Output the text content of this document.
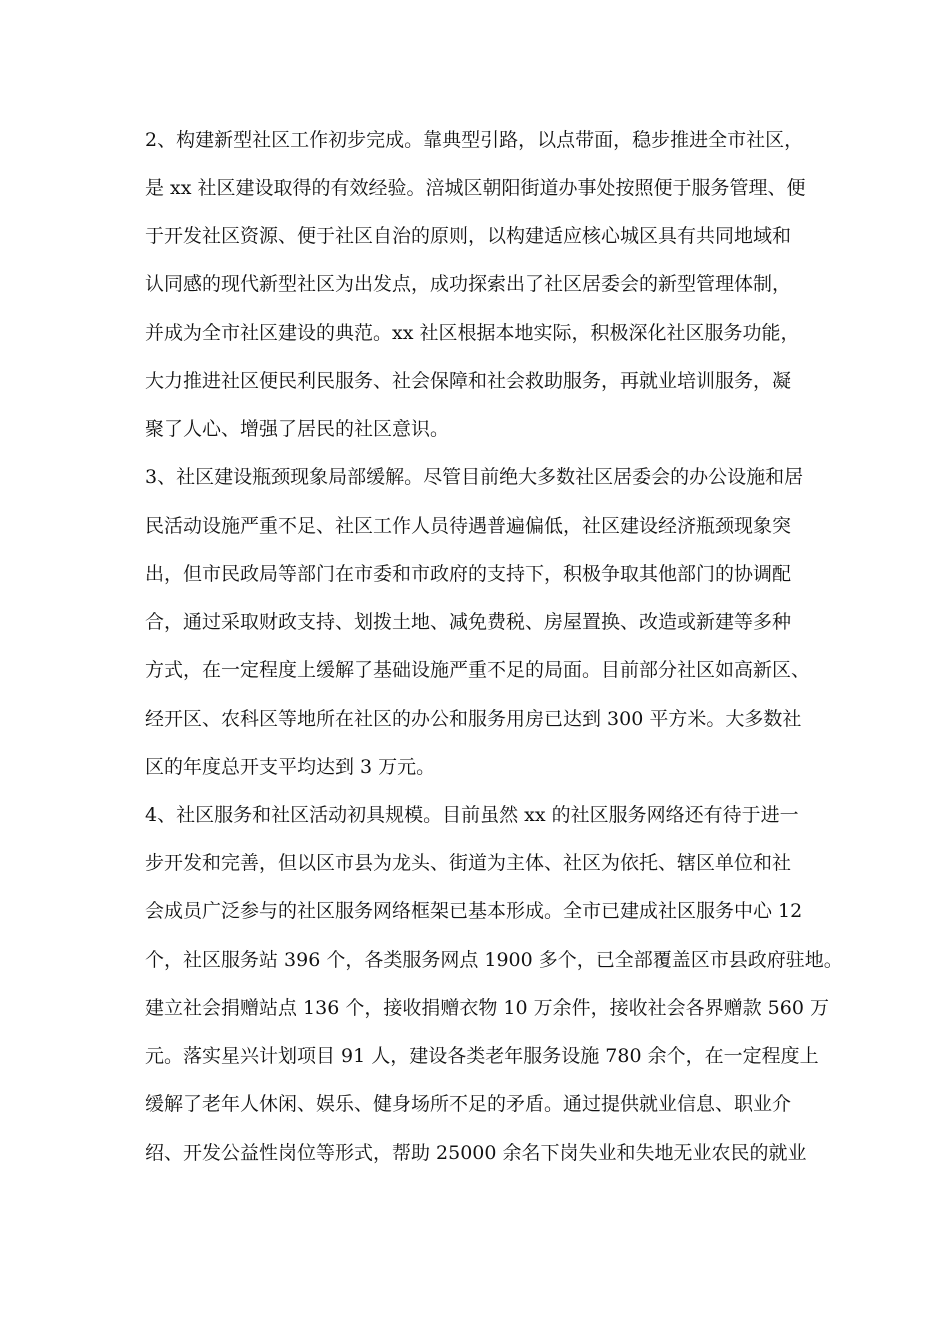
2、构建新型社区工作初步完成。靠典型引路，以点带面，稳步推进全市社区，
是 xx 社区建设取得的有效经验。涪城区朝阳街道办事处按照便于服务管理、便
于开发社区资源、便于社区自治的原则，以构建适应核心城区具有共同地域和
认同感的现代新型社区为出发点，成功探索出了社区居委会的新型管理体制，
并成为全市社区建设的典范。xx 社区根据本地实际，积极深化社区服务功能，
大力推进社区便民利民服务、社会保障和社会救助服务，再就业培训服务，凝
聚了人心、增强了居民的社区意识。
3、社区建设瓶颈现象局部缓解。尽管目前绝大多数社区居委会的办公设施和居
民活动设施严重不足、社区工作人员待遇普遍偏低，社区建设经济瓶颈现象突
出，但市民政局等部门在市委和市政府的支持下，积极争取其他部门的协调配
合，通过采取财政支持、划拨土地、减免费税、房屋置换、改造或新建等多种
方式，在一定程度上缓解了基础设施严重不足的局面。目前部分社区如高新区、
经开区、农科区等地所在社区的办公和服务用房已达到 300 平方米。大多数社
区的年度总开支平均达到 3 万元。
4、社区服务和社区活动初具规模。目前虽然 xx 的社区服务网络还有待于进一
步开发和完善，但以区市县为龙头、街道为主体、社区为依托、辖区单位和社
会成员广泛参与的社区服务网络框架已基本形成。全市已建成社区服务中心 12
个，社区服务站 396 个，各类服务网点 1900 多个，已全部覆盖区市县政府驻地。
建立社会捐赠站点 136 个，接收捐赠衣物 10 万余件，接收社会各界赠款 560 万
元。落实星兴计划项目 91 人，建设各类老年服务设施 780 余个，在一定程度上
缓解了老年人休闲、娱乐、健身场所不足的矛盾。通过提供就业信息、职业介
绍、开发公益性岗位等形式，帮助 25000 余名下岗失业和失地无业农民的就业
